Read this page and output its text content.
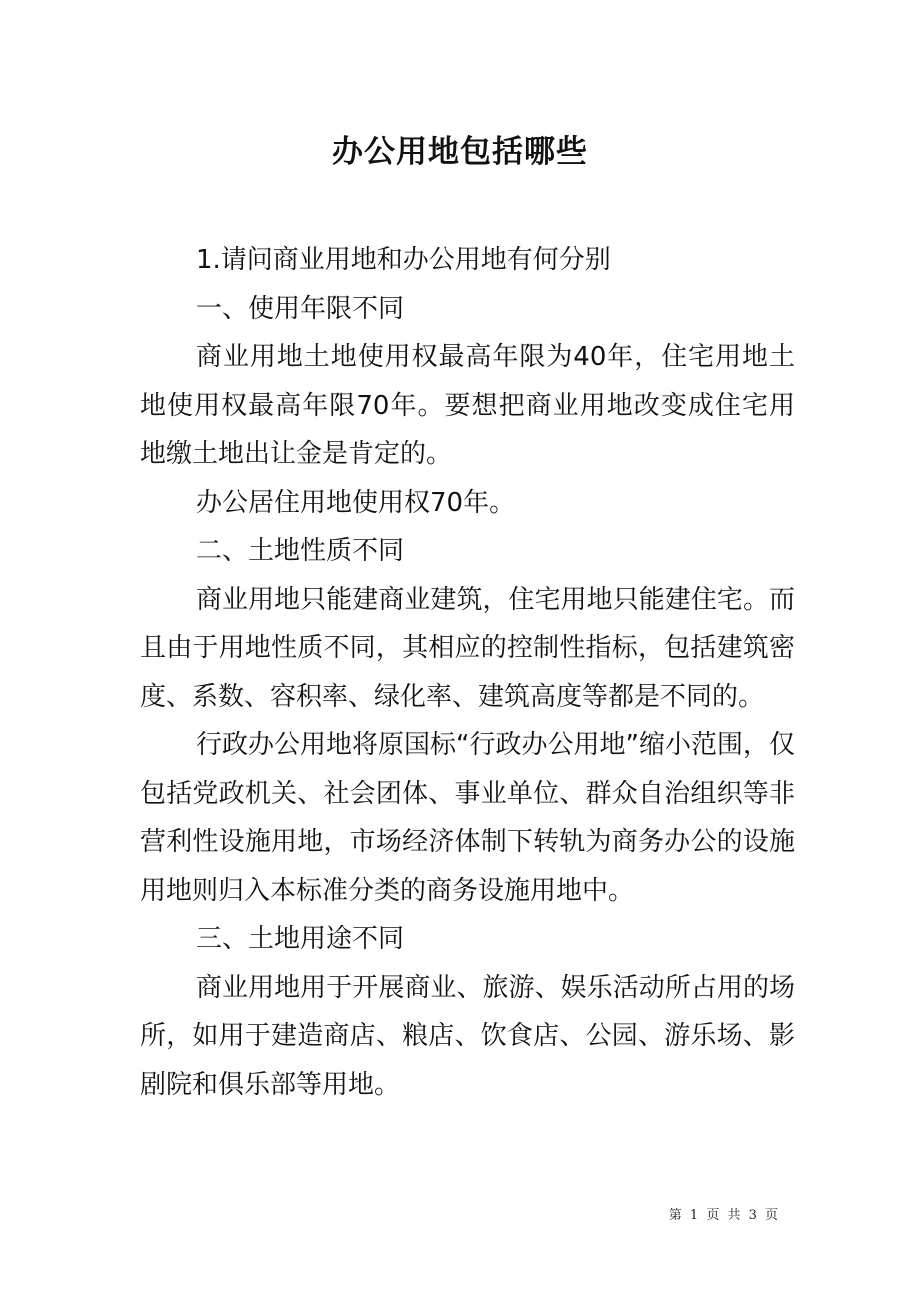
办公用地包括哪些

1.请问商业用地和办公用地有何分别

一、使用年限不同

商业用地土地使用权最高年限为40年，住宅用地土地使用权最高年限70年。要想把商业用地改变成住宅用地缴土地出让金是肯定的。

办公居住用地使用权70年。

二、土地性质不同

商业用地只能建商业建筑，住宅用地只能建住宅。而且由于用地性质不同，其相应的控制性指标，包括建筑密度、系数、容积率、绿化率、建筑高度等都是不同的。

行政办公用地将原国标“行政办公用地”缩小范围，仅包括党政机关、社会团体、事业单位、群众自治组织等非营利性设施用地，市场经济体制下转轨为商务办公的设施用地则归入本标准分类的商务设施用地中。

三、土地用途不同

商业用地用于开展商业、旅游、娱乐活动所占用的场所，如用于建造商店、粮店、饮食店、公园、游乐场、影剧院和俱乐部等用地。

第 1 页 共 3 页
